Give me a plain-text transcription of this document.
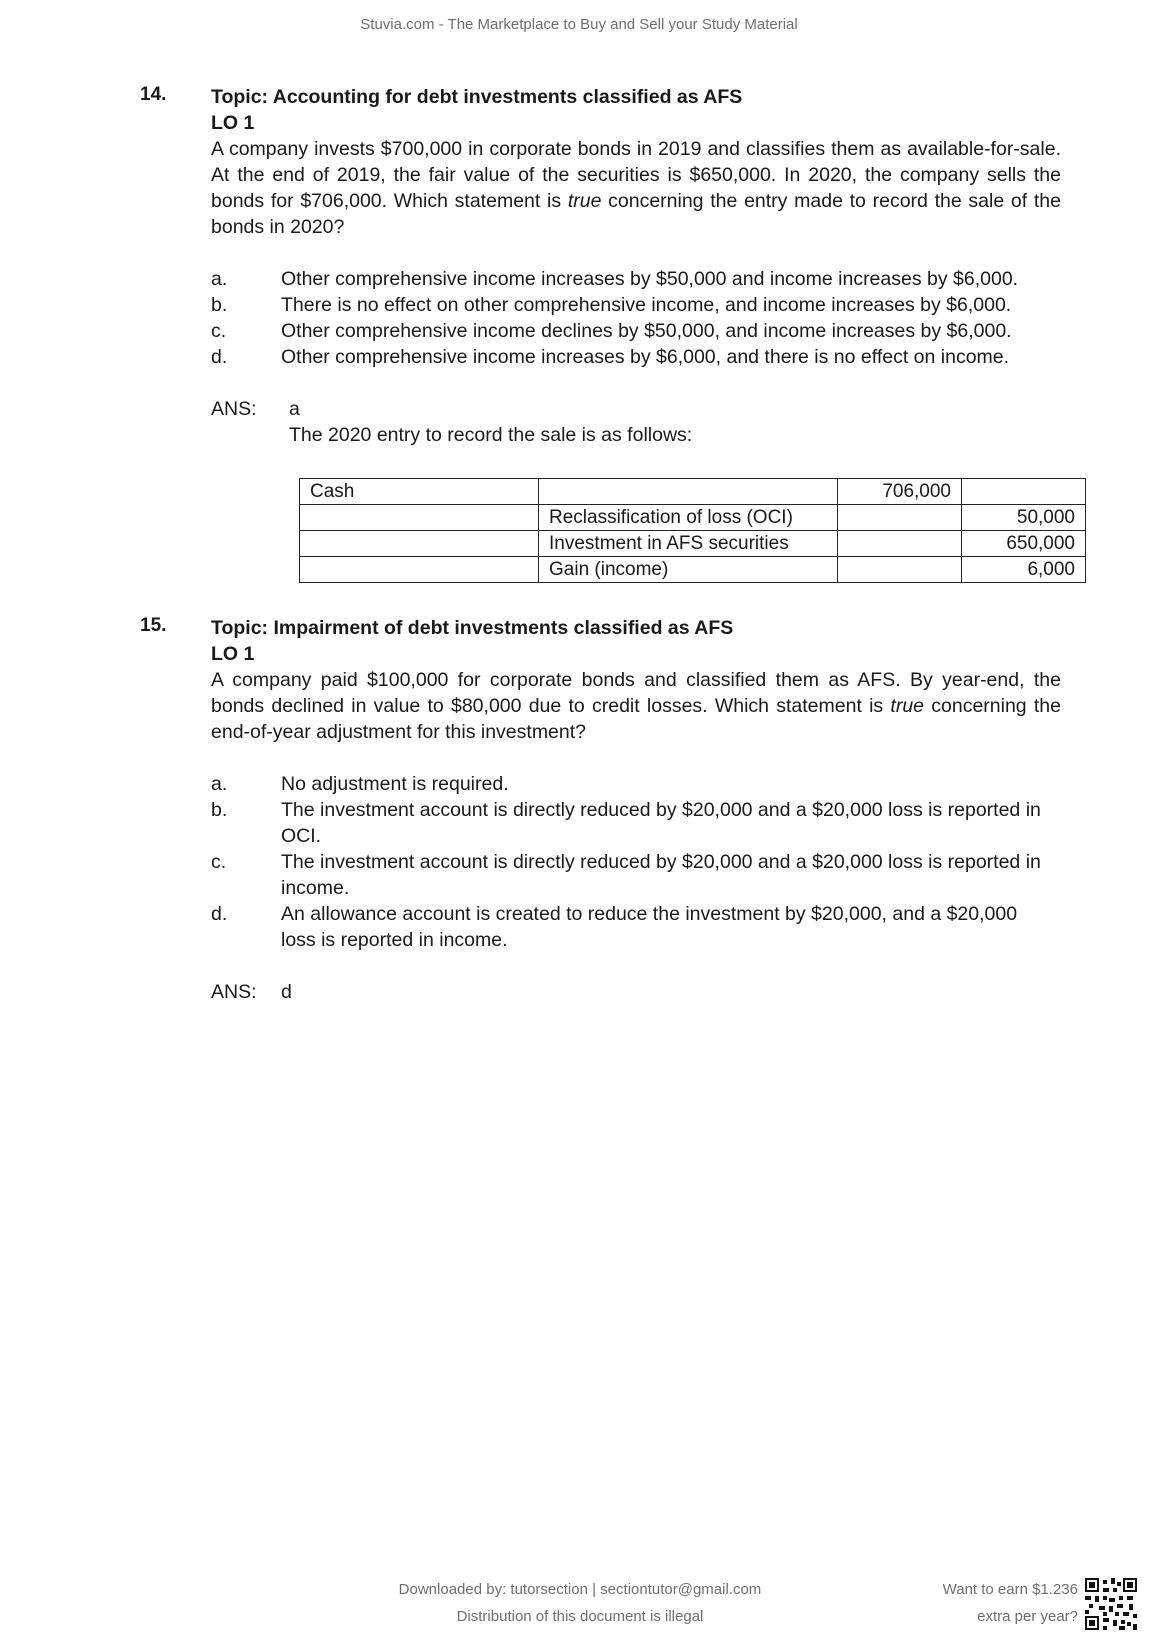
Stuvia.com - The Marketplace to Buy and Sell your Study Material
14. Topic: Accounting for debt investments classified as AFS
LO 1
A company invests $700,000 in corporate bonds in 2019 and classifies them as available-for-sale. At the end of 2019, the fair value of the securities is $650,000. In 2020, the company sells the bonds for $706,000. Which statement is true concerning the entry made to record the sale of the bonds in 2020?
a.	Other comprehensive income increases by $50,000 and income increases by $6,000.
b.	There is no effect on other comprehensive income, and income increases by $6,000.
c.	Other comprehensive income declines by $50,000, and income increases by $6,000.
d.	Other comprehensive income increases by $6,000, and there is no effect on income.
ANS:	a
The 2020 entry to record the sale is as follows:
Cash		706,000	
	Reclassification of loss (OCI)		50,000
	Investment in AFS securities		650,000
	Gain (income)		6,000
15. Topic: Impairment of debt investments classified as AFS
LO 1
A company paid $100,000 for corporate bonds and classified them as AFS. By year-end, the bonds declined in value to $80,000 due to credit losses. Which statement is true concerning the end-of-year adjustment for this investment?
a.	No adjustment is required.
b.	The investment account is directly reduced by $20,000 and a $20,000 loss is reported in OCI.
c.	The investment account is directly reduced by $20,000 and a $20,000 loss is reported in income.
d.	An allowance account is created to reduce the investment by $20,000, and a $20,000 loss is reported in income.
ANS:	d
Downloaded by: tutorsection | sectiontutor@gmail.com
Distribution of this document is illegal
Want to earn $1.236
extra per year?
